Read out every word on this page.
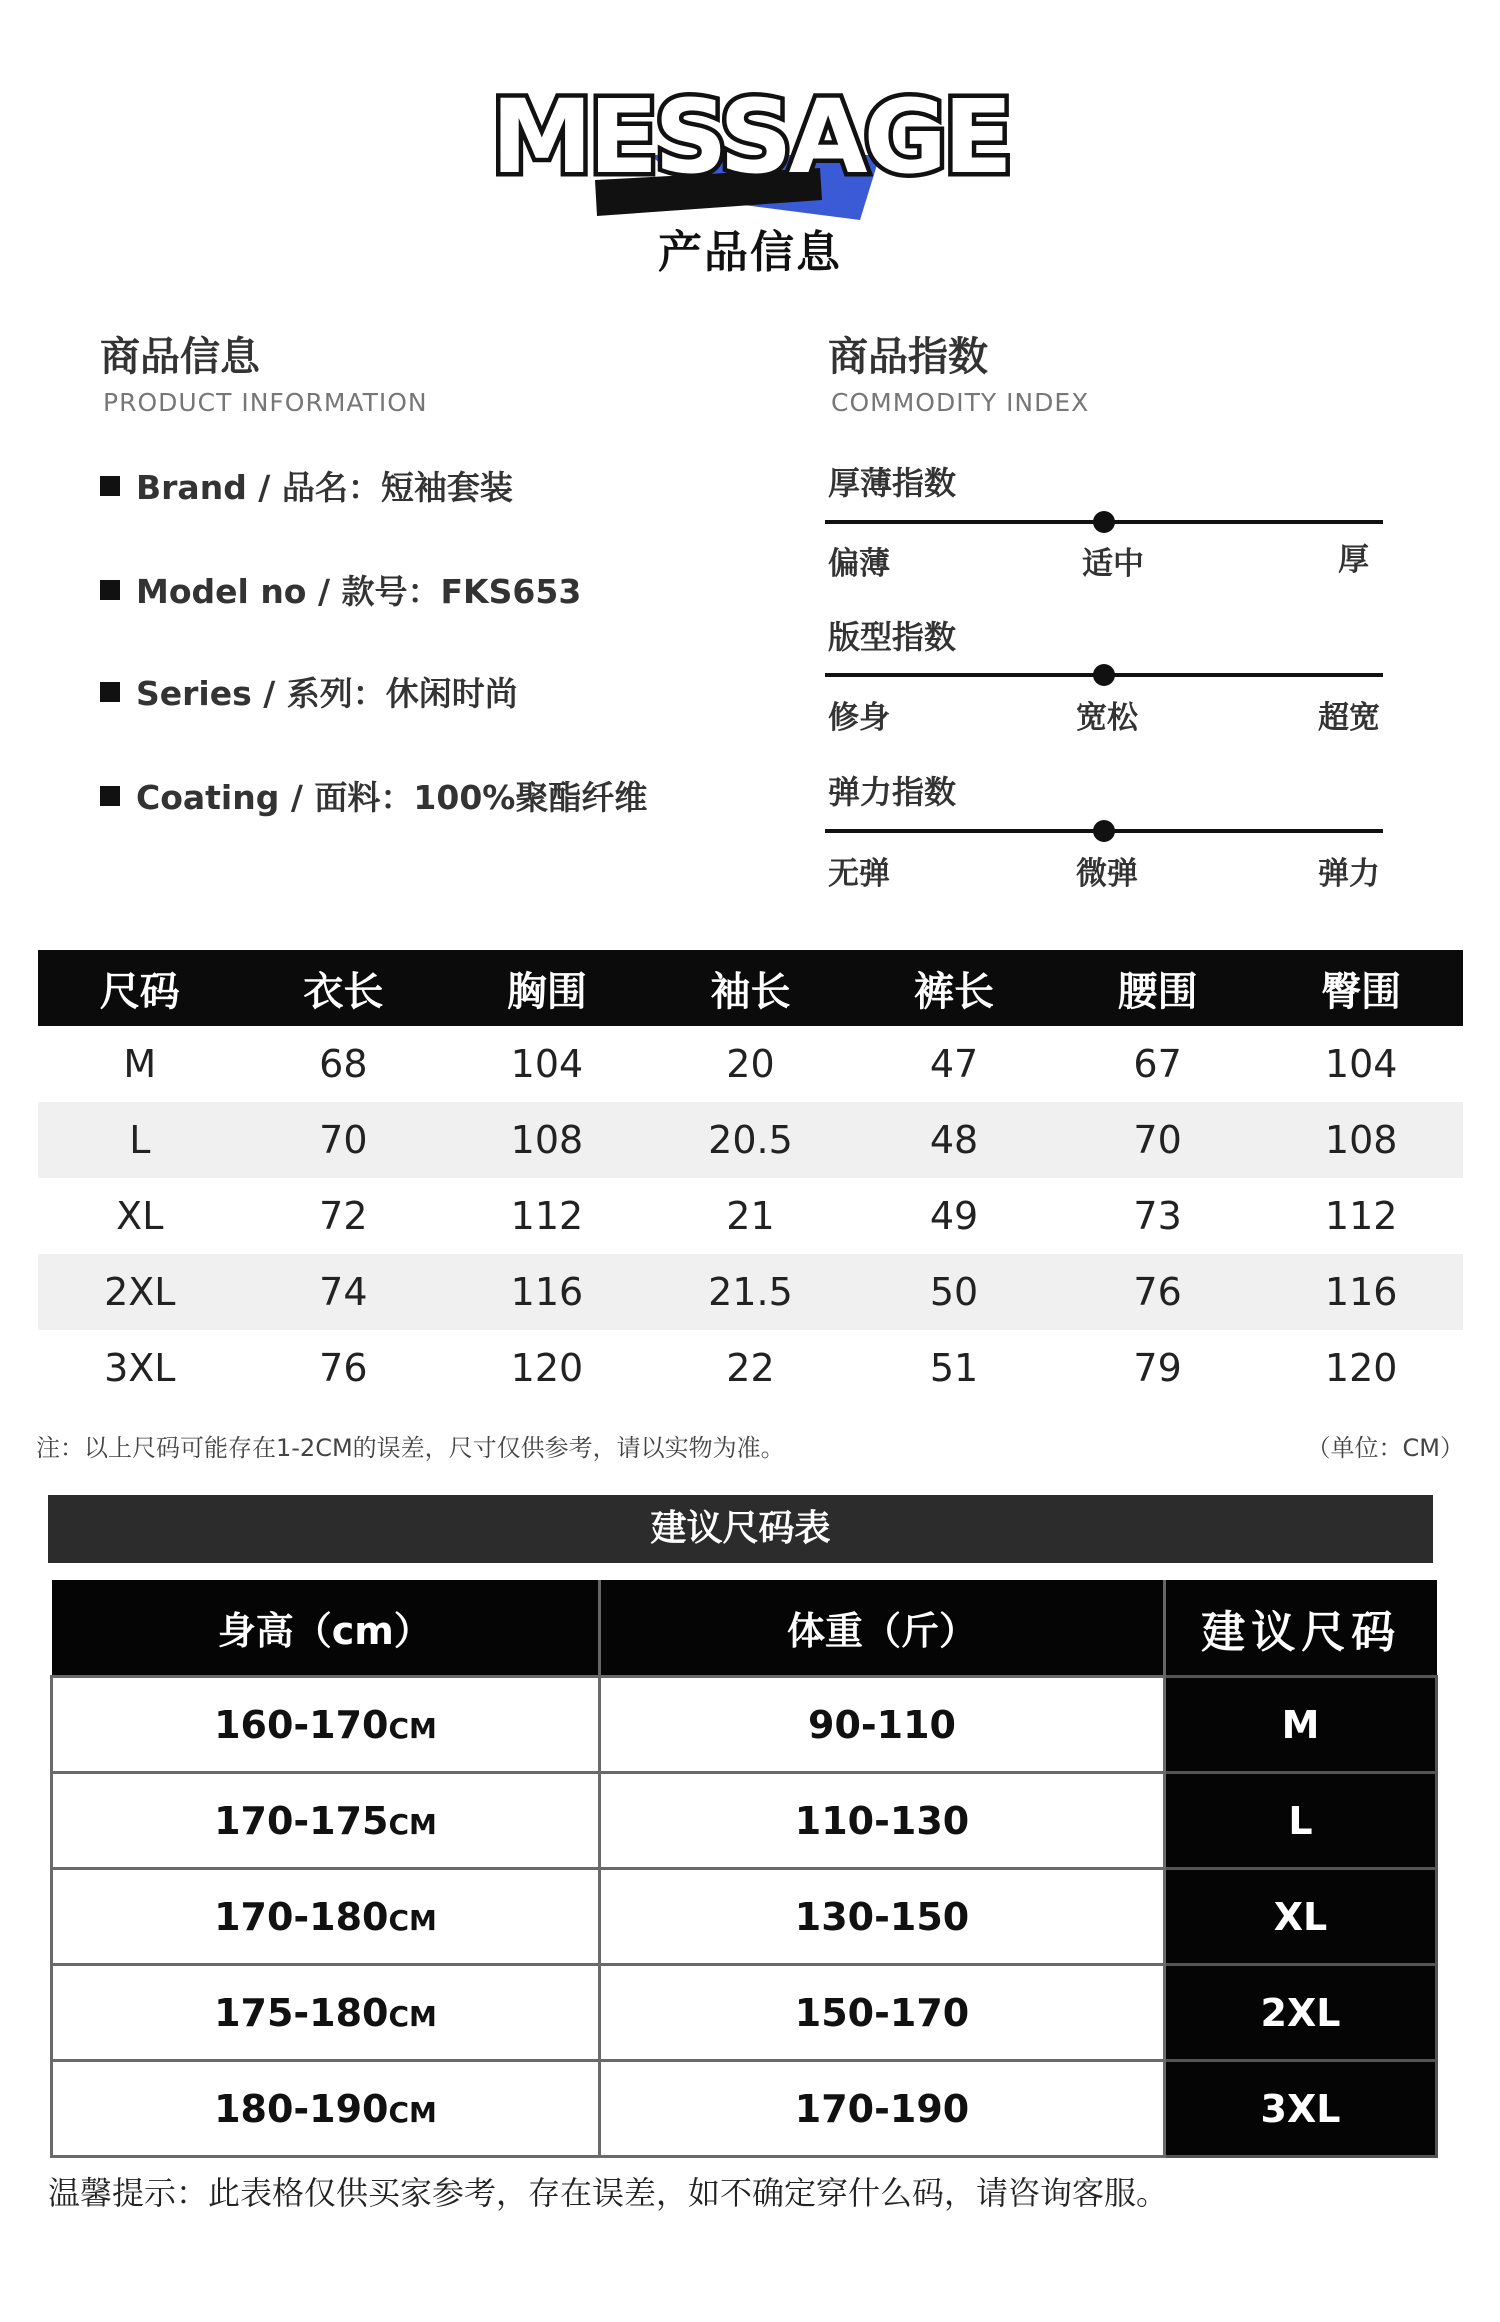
MESSAGE
产品信息
商品信息
PRODUCT INFORMATION
Brand / 品名：短袖套装
Model no / 款号：FKS653
Series / 系列：休闲时尚
Coating / 面料：100%聚酯纤维
商品指数
COMMODITY INDEX
厚薄指数
偏薄	适中	厚
版型指数
修身	宽松	超宽
弹力指数
无弹	微弹	弹力
尺码	衣长	胸围	袖长	裤长	腰围	臀围
M	68	104	20	47	67	104
L	70	108	20.5	48	70	108
XL	72	112	21	49	73	112
2XL	74	116	21.5	50	76	116
3XL	76	120	22	51	79	120
注：以上尺码可能存在1-2CM的误差，尺寸仅供参考，请以实物为准。	（单位：CM）
建议尺码表
身高（cm）	体重（斤）	建议尺码
160-170CM	90-110	M
170-175CM	110-130	L
170-180CM	130-150	XL
175-180CM	150-170	2XL
180-190CM	170-190	3XL
温馨提示：此表格仅供买家参考，存在误差，如不确定穿什么码，请咨询客服。
